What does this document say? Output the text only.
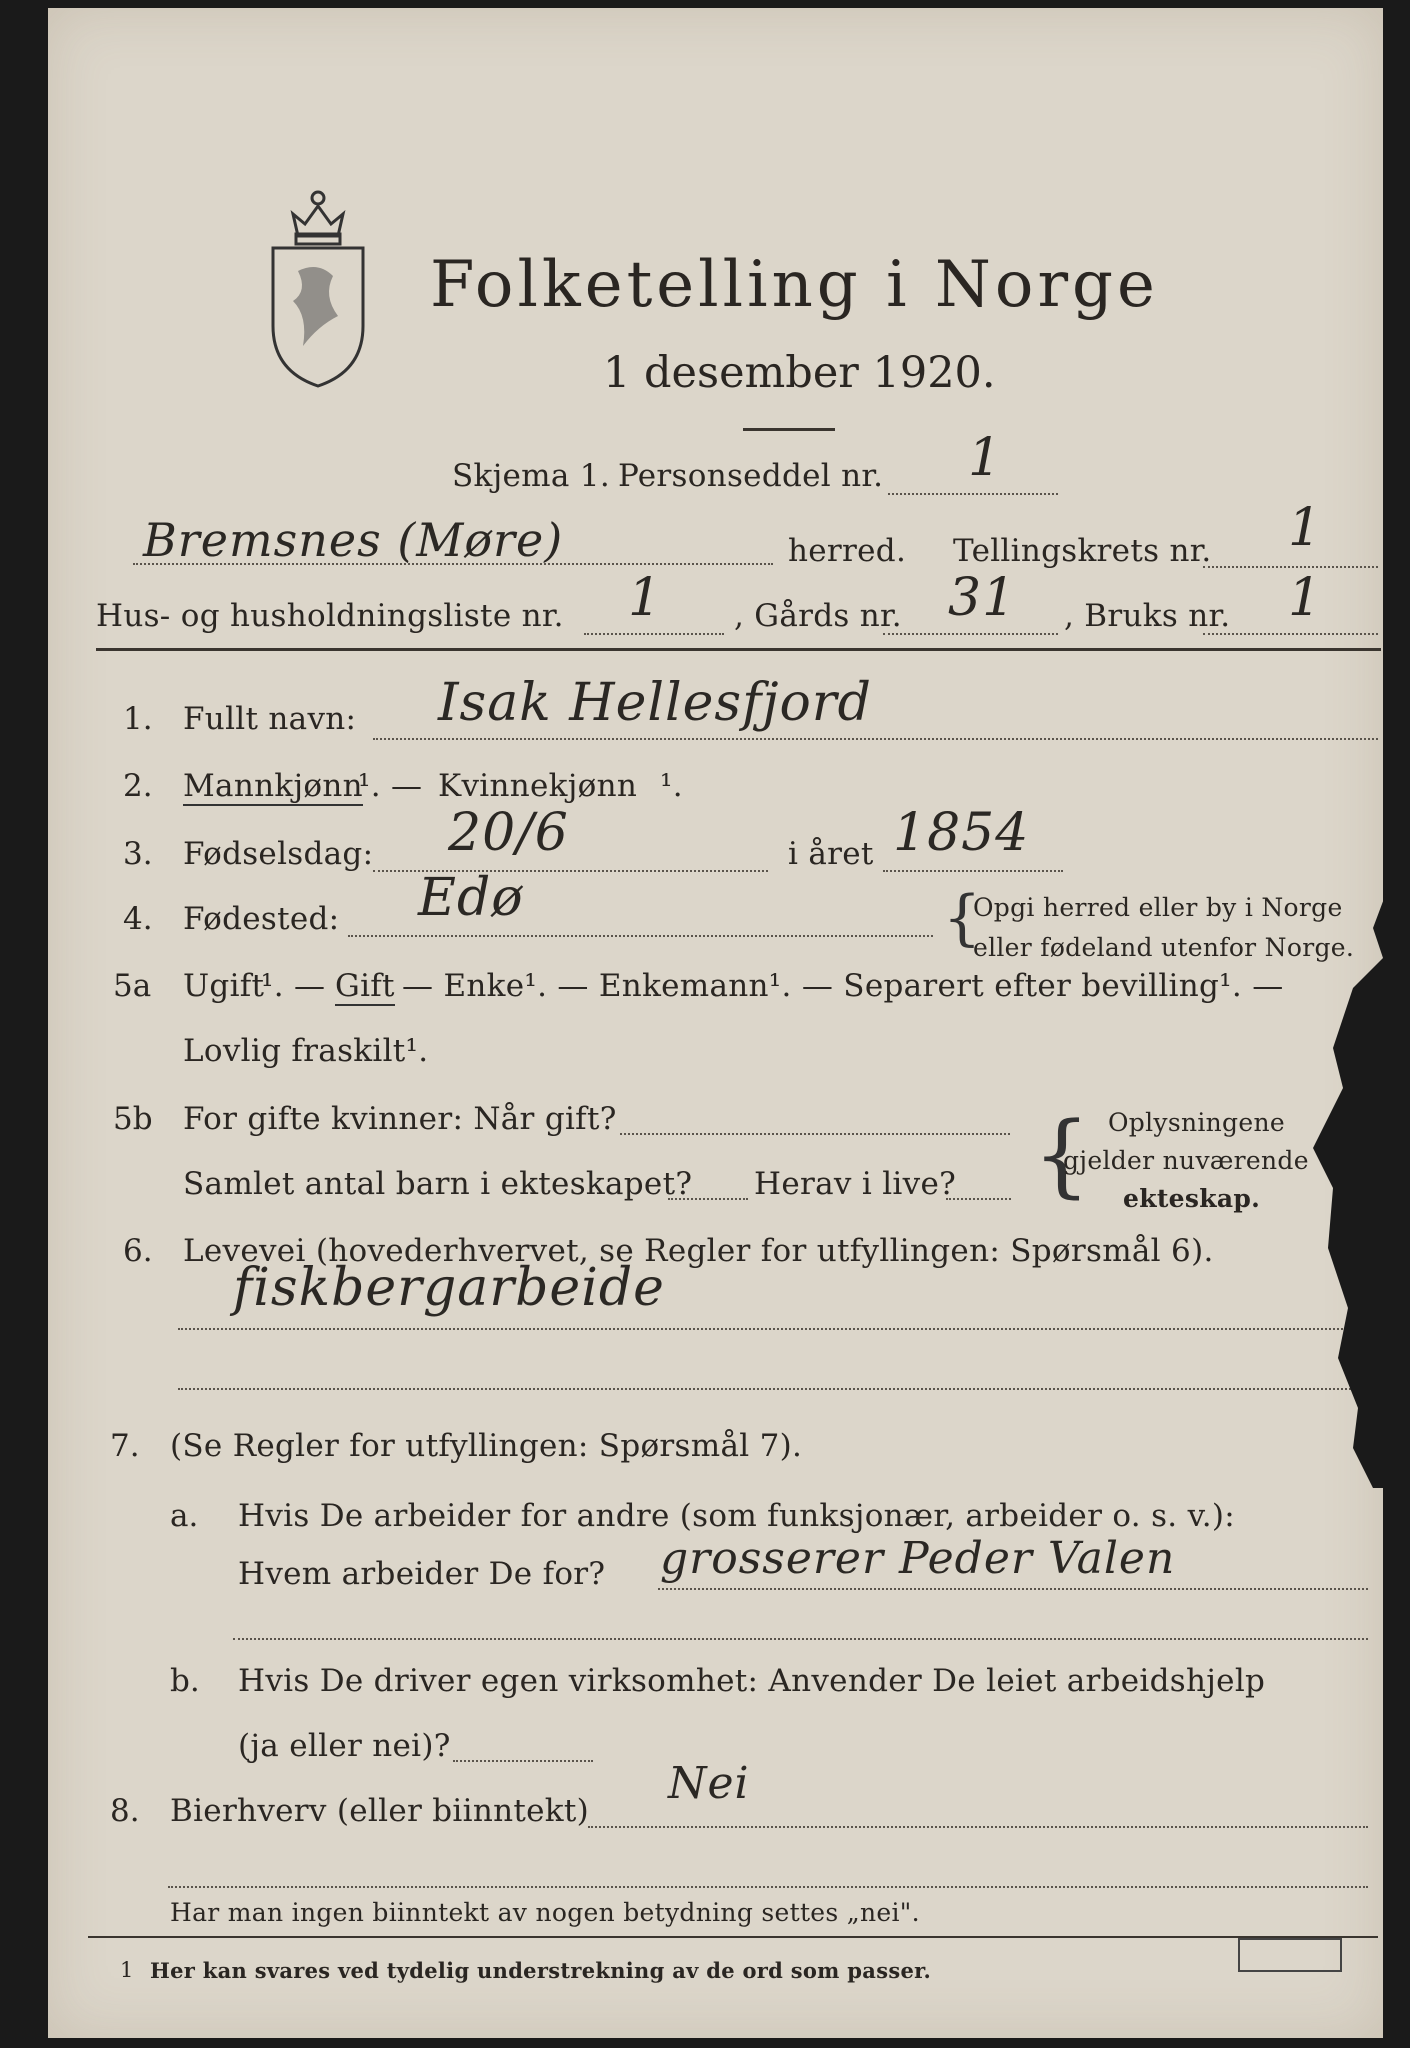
Folketelling i Norge
1 desember 1920.
Skjema 1. Personseddel nr. 1
Bremsnes (Møre)	herred. Tellingskrets nr. 1
Hus- og husholdningsliste nr. 1 , Gårds nr. 31 , Bruks nr. 1
1. Fullt navn: Isak Hellesfjord
2. Mannkjønn
¹. — Kvinnekjønn ¹.
3. Fødselsdag: 20/6	i året 1854
4. Fødested: Edø	{
Opgi herred eller by i Norge
eller fødeland utenfor Norge.
5a Ugift
¹. — Gift — Enke¹. — Enkemann¹. — Separert efter bevilling¹. —
Lovlig fraskilt¹.
5b For gifte kvinner: Når gift?
Samlet antal barn i ekteskapet? Herav i live? { Oplysningene
gjelder nuværende
ekteskap.
6. Levevei (hovederhvervet, se Regler for utfyllingen: Spørsmål 6).
fiskbergarbeide
7. (Se Regler for utfyllingen: Spørsmål 7).
a. Hvis De arbeider for andre (som funksjonær, arbeider o. s. v.):
Hvem arbeider De for? grosserer Peder Valen
b. Hvis De driver egen virksomhet: Anvender De leiet arbeidshjelp
(ja eller nei)?
8. Bierhverv (eller biinntekt)
Nei
Har man ingen biinntekt av nogen betydning settes „nei".
1 Her kan svares ved tydelig understrekning av de ord som passer.
